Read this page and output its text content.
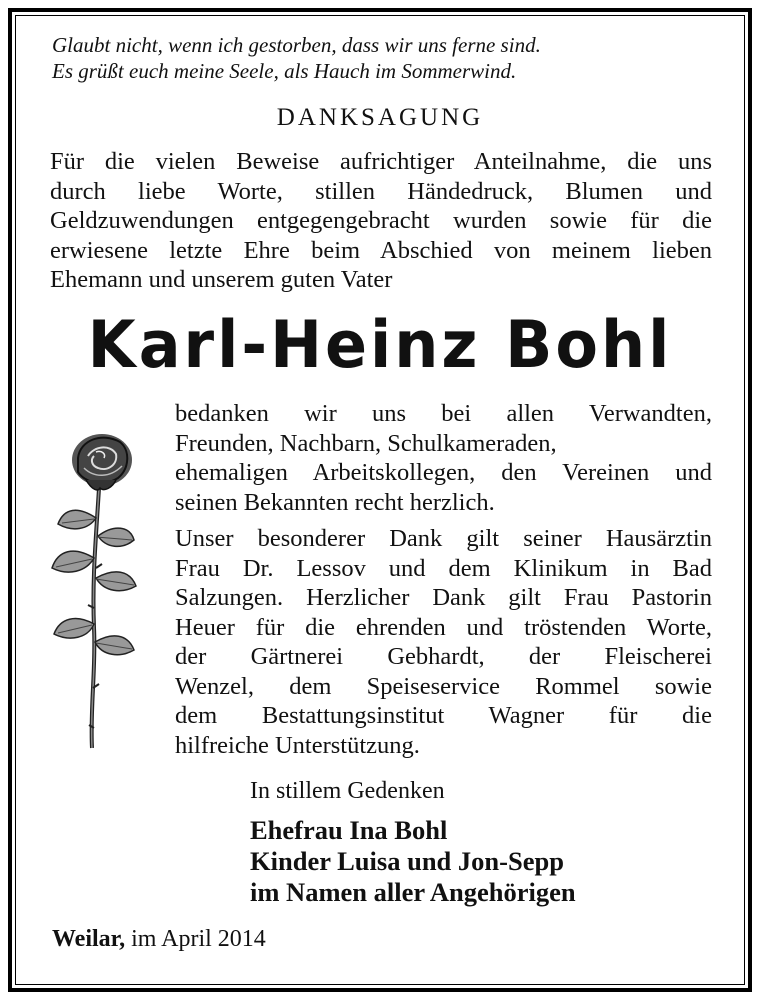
Glaubt nicht, wenn ich gestorben, dass wir uns ferne sind.
Es grüßt euch meine Seele, als Hauch im Sommerwind.
DANKSAGUNG
Für die vielen Beweise aufrichtiger Anteilnahme, die uns
durch liebe Worte, stillen Händedruck, Blumen und
Geldzuwendungen entgegengebracht wurden sowie für die
erwiesene letzte Ehre beim Abschied von meinem lieben
Ehemann und unserem guten Vater
Karl-Heinz Bohl
bedanken wir uns bei allen Verwandten,
Freunden, Nachbarn, Schulkameraden,
ehemaligen Arbeitskollegen, den Vereinen und
seinen Bekannten recht herzlich.
Unser besonderer Dank gilt seiner Hausärztin
Frau Dr. Lessov und dem Klinikum in Bad
Salzungen. Herzlicher Dank gilt Frau Pastorin
Heuer für die ehrenden und tröstenden Worte,
der Gärtnerei Gebhardt, der Fleischerei
Wenzel, dem Speiseservice Rommel sowie
dem Bestattungsinstitut Wagner für die
hilfreiche Unterstützung.
In stillem Gedenken
Ehefrau Ina Bohl
Kinder Luisa und Jon-Sepp
im Namen aller Angehörigen
Weilar, im April 2014
